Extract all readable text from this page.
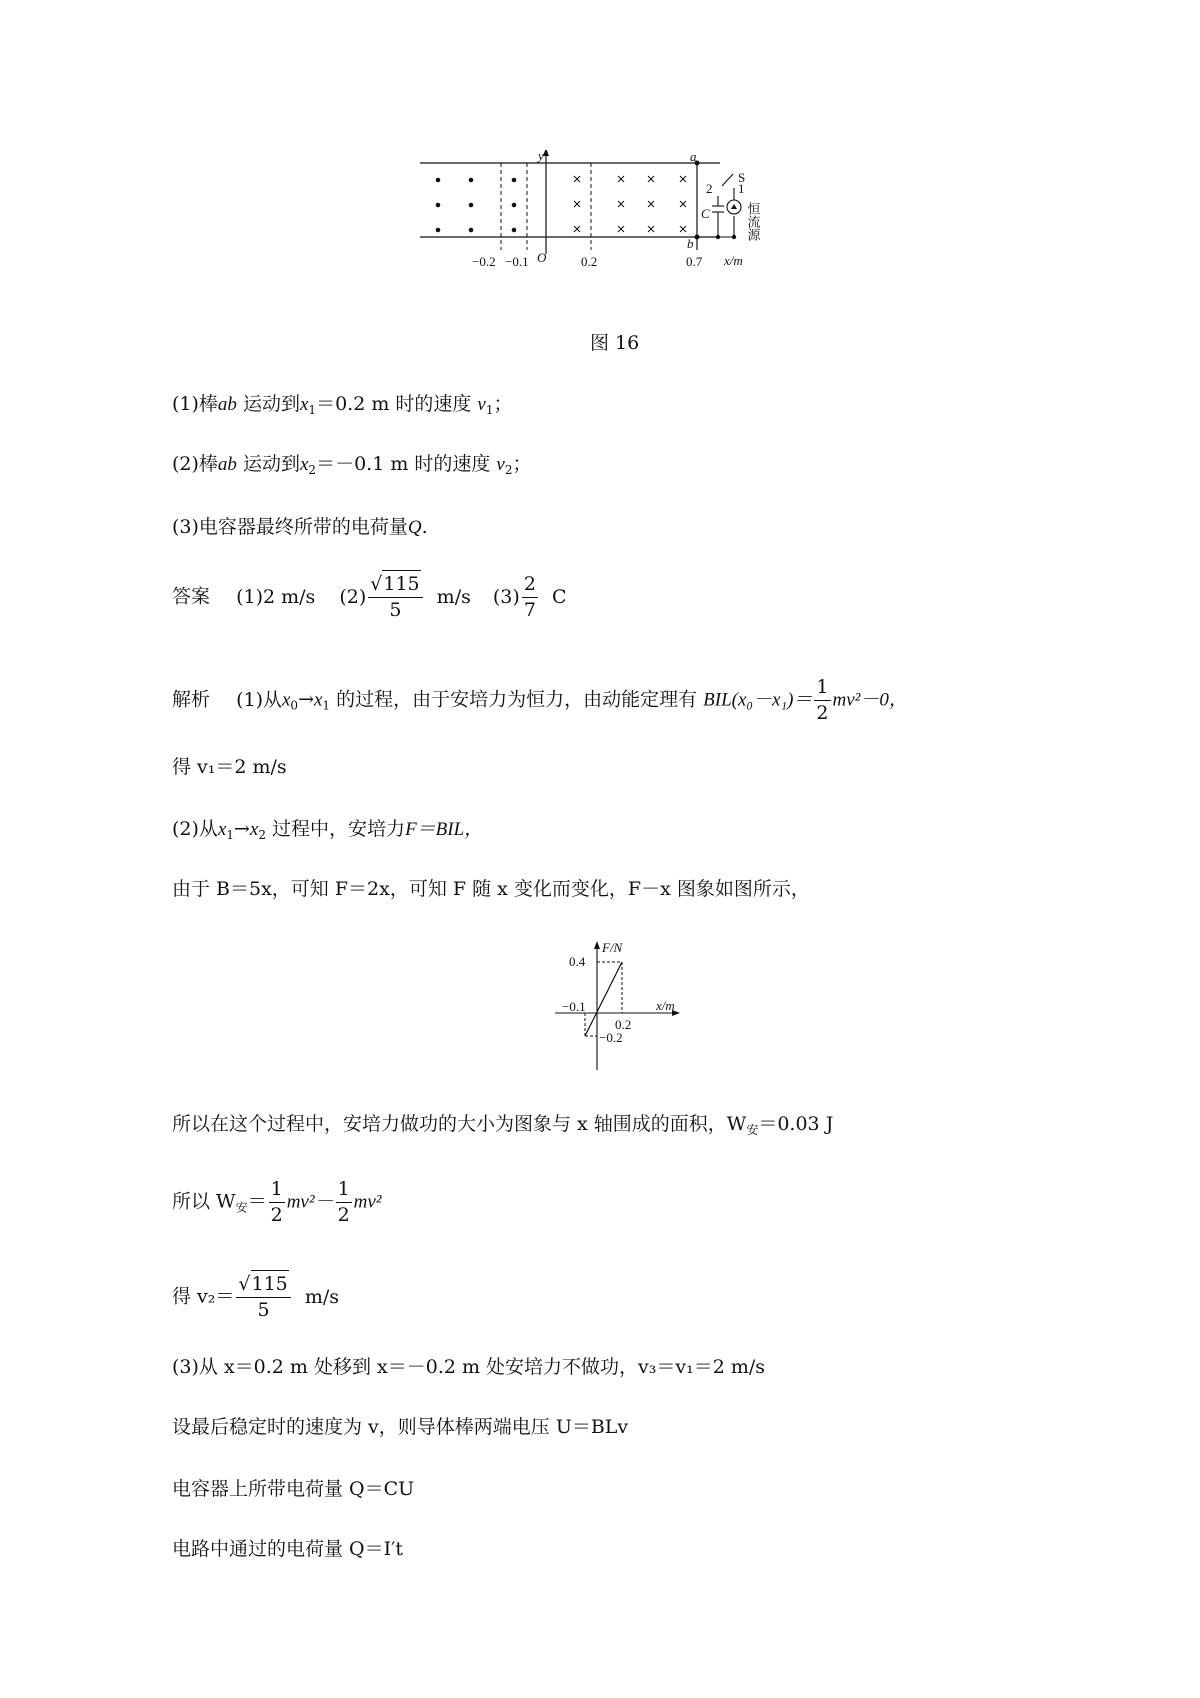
y	a
b
2 1
S
C	恒流源
−0.2 −0.1 O	0.2	0.7 x/m
图 16
(1)棒ab 运动到$x_1=0.2$ m 时的速度 $v_1$；
(2)棒ab 运动到$x_2=-0.1$ m 时的速度 $v_2$；
(3)电容器最终所带的电荷量Q.
答案 (1)2 m/s $(2) \frac{√115}{5} m/s$ $(3) \frac{2}{7}$ C
解析 (1)从$x_0\to x_1$ 的过程，由于安培力为恒力，由动能定理有 $BIL(x_0-x_1)= \frac{1}{2} mv^2-0$，
得 v₁＝2 m/s
(2)从$x_1\to x_2$ 过程中，安培力F＝BIL，
由于 B＝5x，可知 F＝2x，可知 F 随 x 变化而变化，F－x 图象如图所示，
F/N
0.4
−0.1	x/m
0.2
−0.2
所以在这个过程中，安培力做功的大小为图象与 x 轴围成的面积，$W_安=0.03$ J
所以 $W_安= \frac{1}{2} mv^2- \frac{1}{2} mv^2$
得 $v_2= \frac{√115}{5} m/s$
(3)从 x＝0.2 m 处移到 x＝－0.2 m 处安培力不做功，v₃＝v₁＝2 m/s
设最后稳定时的速度为 v，则导体棒两端电压 U＝BLv
电容器上所带电荷量 Q＝CU
电路中通过的电荷量 Q＝I′t
